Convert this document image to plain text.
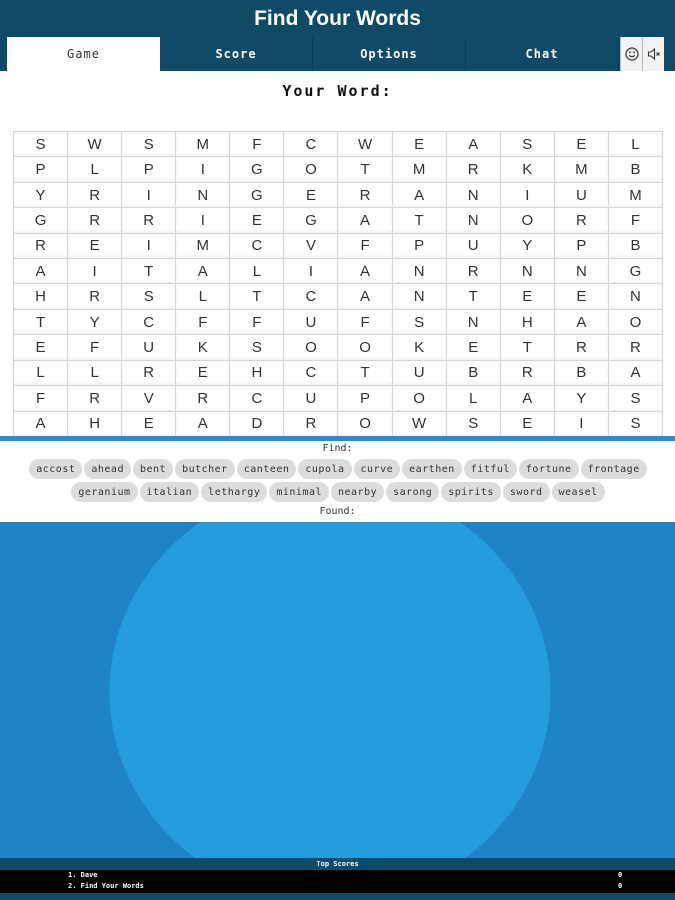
Find Your Words
Game	Score	Options	Chat
Your Word:
S	W	S	M	F	C	W	E	A	S	E	L
P	L	P	I	G	O	T	M	R	K	M	B
Y	R	I	N	G	E	R	A	N	I	U	M
G	R	R	I	E	G	A	T	N	O	R	F
R	E	I	M	C	V	F	P	U	Y	P	B
A	I	T	A	L	I	A	N	R	N	N	G
H	R	S	L	T	C	A	N	T	E	E	N
T	Y	C	F	F	U	F	S	N	H	A	O
E	F	U	K	S	O	O	K	E	T	R	R
L	L	R	E	H	C	T	U	B	R	B	A
F	R	V	R	C	U	P	O	L	A	Y	S
A	H	E	A	D	R	O	W	S	E	I	S
Find:
accost	ahead	bent	butcher	canteen	cupola	curve	earthen	fitful	fortune	frontage
geranium	italian	lethargy	minimal	nearby	sarong	spirits	sword	weasel
Found:
Top Scores
1. Dave	0
2. Find Your Words	0
